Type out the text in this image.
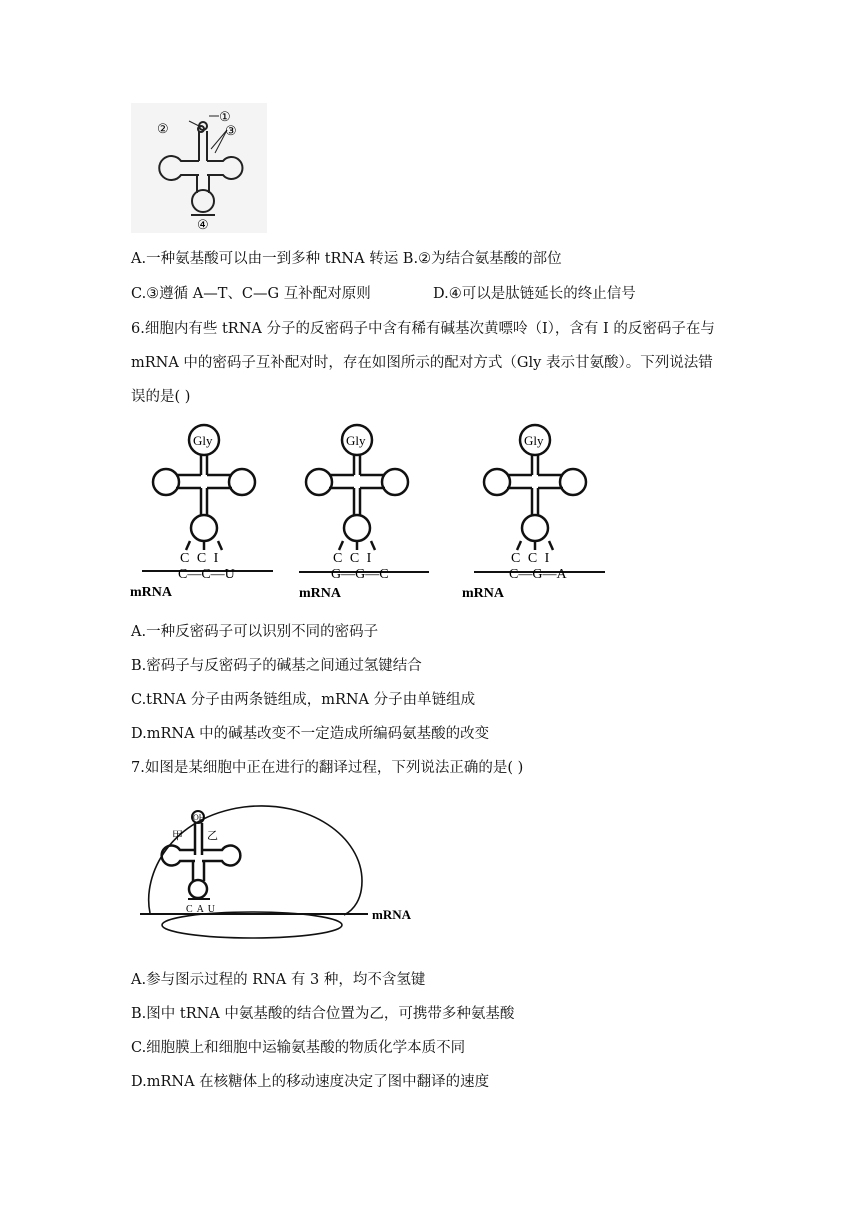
①
②	③
④
A.一种氨基酸可以由一到多种 tRNA 转运 B.②为结合氨基酸的部位
C.③遵循 A—T、C—G 互补配对原则	D.④可以是肽链延长的终止信号
6.细胞内有些 tRNA 分子的反密码子中含有稀有碱基次黄嘌呤（I），含有 I 的反密码子在与
mRNA 中的密码子互补配对时，存在如图所示的配对方式（Gly 表示甘氨酸）。下列说法错
误的是( )
Gly
C C I
C—C—U
mRNA
Gly
C C I
G—G—C
mRNA
Gly
C C I
C—G—A
mRNA
A.一种反密码子可以识别不同的密码子
B.密码子与反密码子的碱基之间通过氢键结合
C.tRNA 分子由两条链组成，mRNA 分子由单链组成
D.mRNA 中的碱基改变不一定造成所编码氨基酸的改变
7.如图是某细胞中正在进行的翻译过程，下列说法正确的是( )
OH
甲 乙
C A U	mRNA
A.参与图示过程的 RNA 有 3 种，均不含氢键
B.图中 tRNA 中氨基酸的结合位置为乙，可携带多种氨基酸
C.细胞膜上和细胞中运输氨基酸的物质化学本质不同
D.mRNA 在核糖体上的移动速度决定了图中翻译的速度
